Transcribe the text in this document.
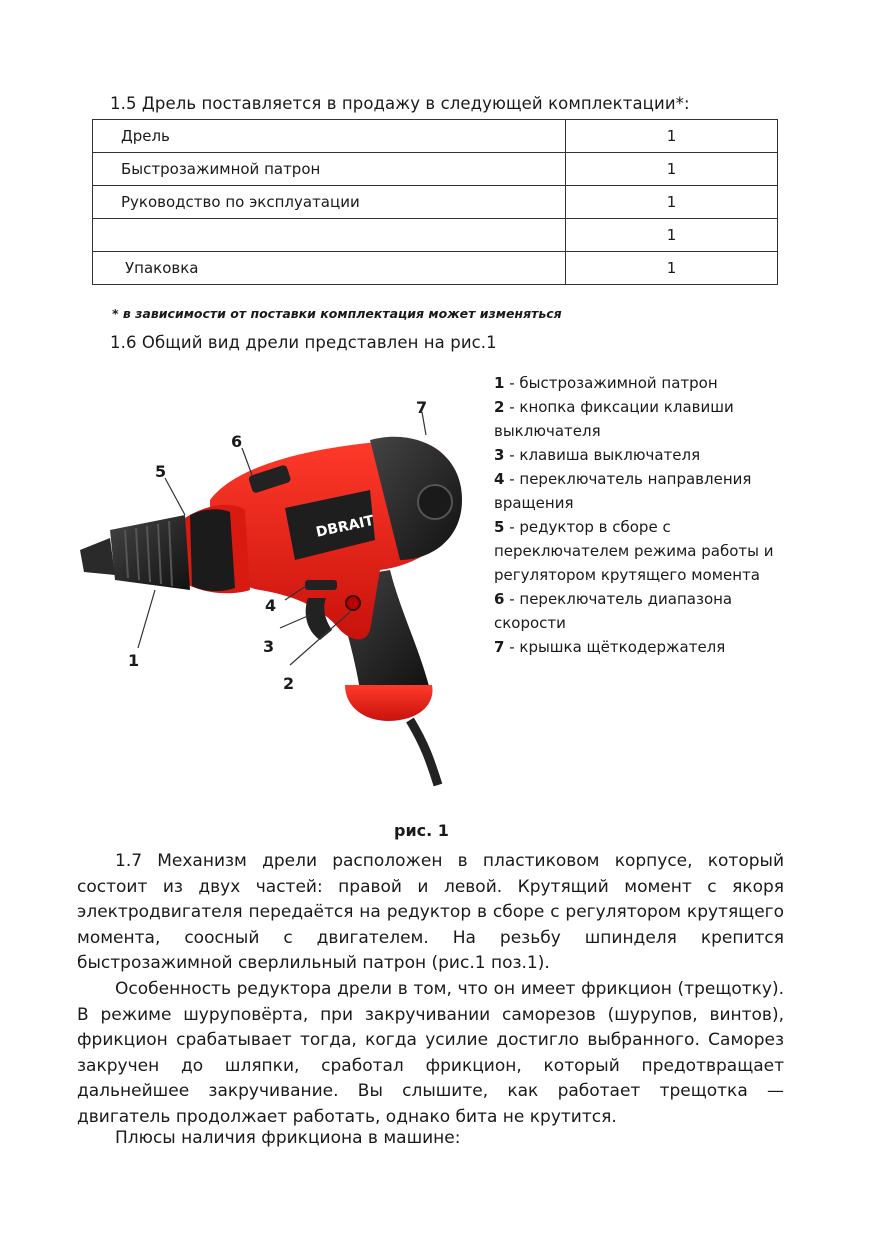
1.5 Дрель поставляется в продажу в следующей комплектации*:
Дрель	1
Быстрозажимной патрон	1
Руководство по эксплуатации	1
	1
Упаковка	1
* в зависимости от поставки комплектация может изменяться
1.6 Общий вид дрели представлен на рис.1
DBRAIT
1
2
3
4
5
6
7
1 - быстрозажимной патрон
2 - кнопка фиксации клавиши выключателя
3 - клавиша выключателя
4 - переключатель направления вращения
5 - редуктор в сборе с переключателем режима работы и регулятором крутящего момента
6 - переключатель диапазона скорости
7 - крышка щёткодержателя
рис. 1
1.7 Механизм дрели расположен в пластиковом корпусе, который состоит из двух частей: правой и левой. Крутящий момент с якоря электродвигателя передаётся на редуктор в сборе с регулятором крутящего момента, соосный с двигателем. На резьбу шпинделя крепится быстрозажимной сверлильный патрон (рис.1 поз.1).
Особенность редуктора дрели в том, что он имеет фрикцион (трещотку). В режиме шуруповёрта, при закручивании саморезов (шурупов, винтов), фрикцион срабатывает тогда, когда усилие достигло выбранного. Саморез закручен до шляпки, сработал фрикцион, который предотвращает дальнейшее закручивание. Вы слышите, как работает трещотка — двигатель продолжает работать, однако бита не крутится.
Плюсы наличия фрикциона в машине:
